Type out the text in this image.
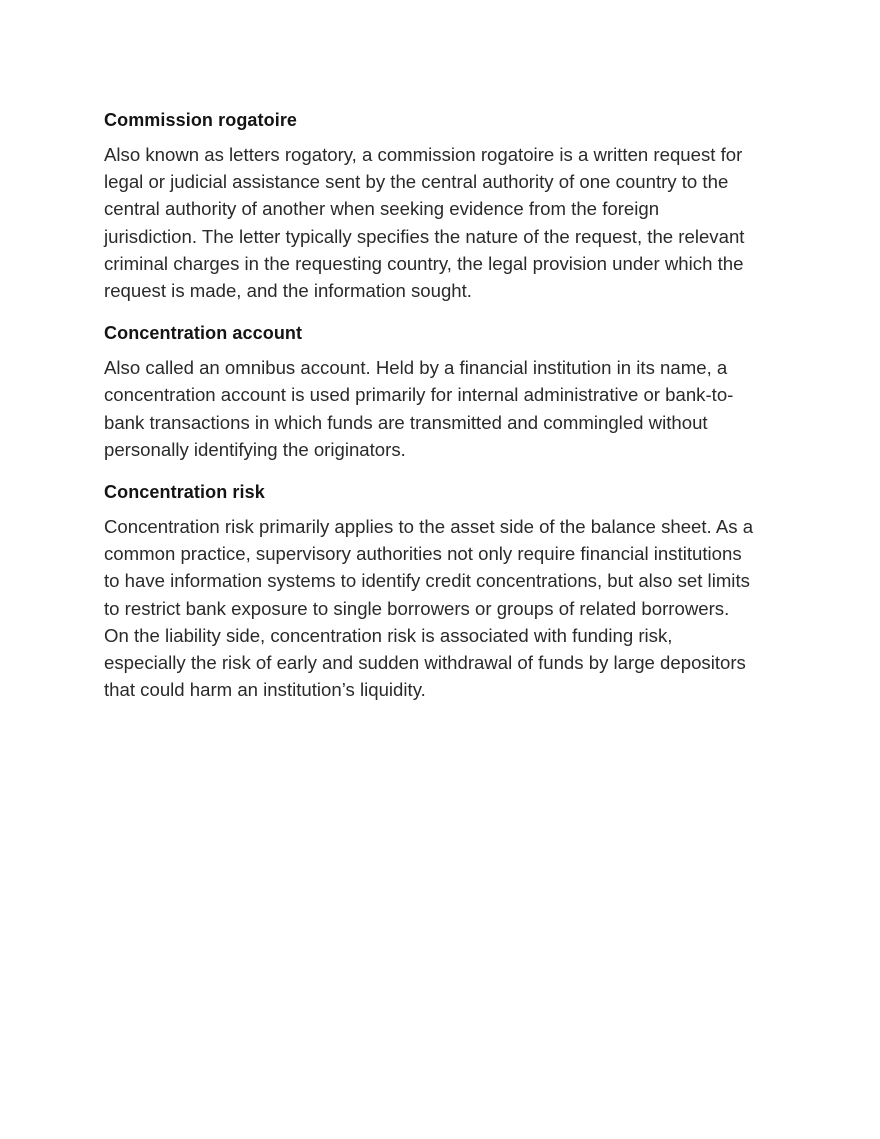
Commission rogatoire

Also known as letters rogatory, a commission rogatoire is a written request for legal or judicial assistance sent by the central authority of one country to the central authority of another when seeking evidence from the foreign jurisdiction. The letter typically specifies the nature of the request, the relevant criminal charges in the requesting country, the legal provision under which the request is made, and the information sought.

Concentration account

Also called an omnibus account. Held by a financial institution in its name, a concentration account is used primarily for internal administrative or bank-to-bank transactions in which funds are transmitted and commingled without personally identifying the originators.

Concentration risk

Concentration risk primarily applies to the asset side of the balance sheet. As a common practice, supervisory authorities not only require financial institutions to have information systems to identify credit concentrations, but also set limits to restrict bank exposure to single borrowers or groups of related borrowers. On the liability side, concentration risk is associated with funding risk, especially the risk of early and sudden withdrawal of funds by large depositors that could harm an institution’s liquidity.
